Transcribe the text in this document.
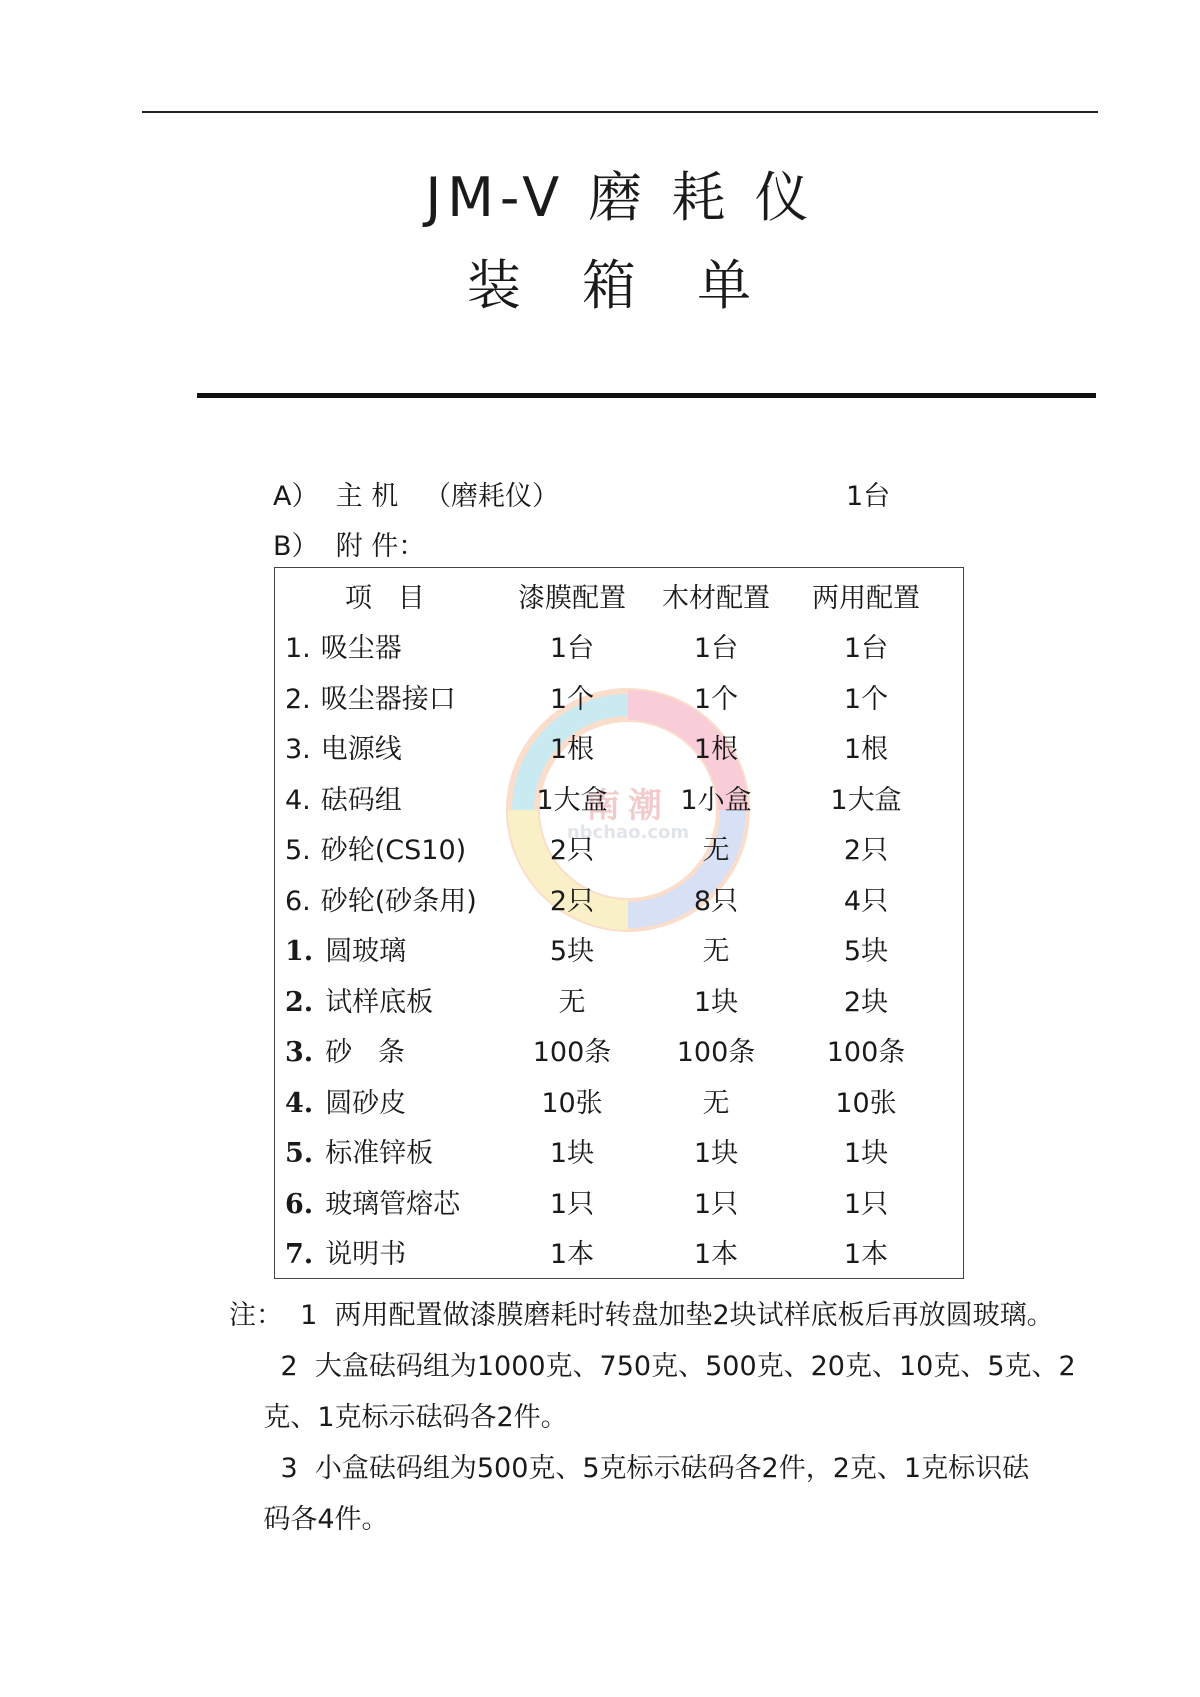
JM-V 磨 耗 仪
装 箱 单
A）  主 机   （磨耗仪）	1台
B）  附 件：
南潮
nbchao.com
项   目	漆膜配置	木材配置	两用配置
1. 吸尘器	1台	1台	1台
2. 吸尘器接口	1个	1个	1个
3. 电源线	1根	1根	1根
4. 砝码组	1大盒	1小盒	1大盒
5. 砂轮(CS10)	2只	无	2只
6. 砂轮(砂条用)	2只	8只	4只
1. 圆玻璃	5块	无	5块
2. 试样底板	无	1块	2块
3. 砂   条	100条	100条	100条
4. 圆砂皮	10张	无	10张
5. 标准锌板	1块	1块	1块
6. 玻璃管熔芯	1只	1只	1只
7. 说明书	1本	1本	1本
注：  1  两用配置做漆膜磨耗时转盘加垫2块试样底板后再放圆玻璃。
2  大盒砝码组为1000克、750克、500克、20克、10克、5克、2
克、1克标示砝码各2件。
3  小盒砝码组为500克、5克标示砝码各2件，2克、1克标识砝
码各4件。
